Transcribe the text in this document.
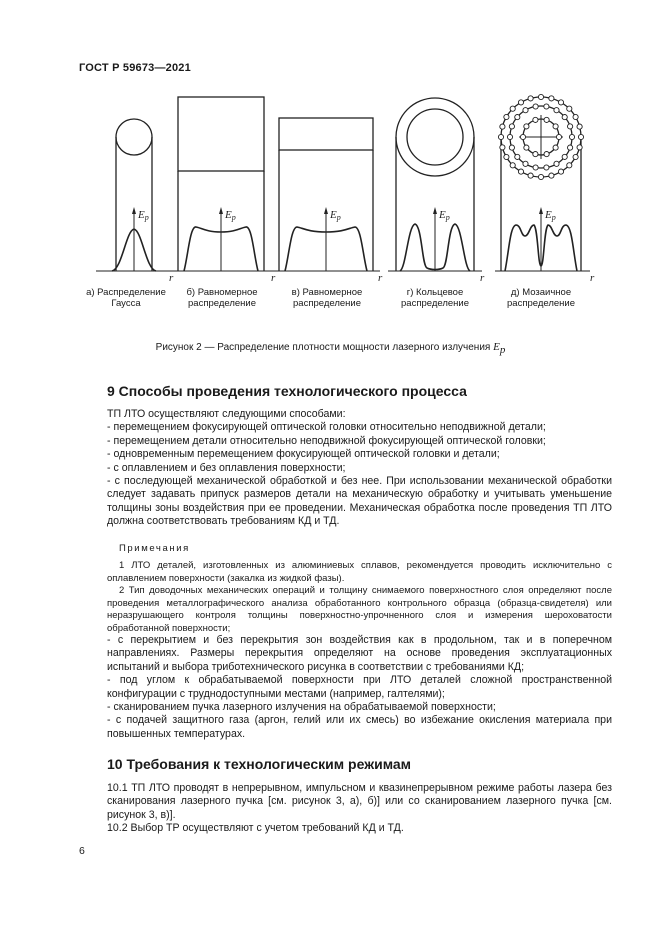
ГОСТ Р 59673—2021
Ep	Ep	Ep	Ep	Ep
r	r	r	r	r
а) Распределение
Гаусса
б) Равномерное
распределение
в) Равномерное
распределение
г) Кольцевое
распределение
д) Мозаичное
распределение
Рисунок 2 — Распределение плотности мощности лазерного излучения $E_p$
9 Способы проведения технологического процесса

ТП ЛТО осуществляют следующими способами:

- перемещением фокусирующей оптической головки относительно неподвижной детали;

- перемещением детали относительно неподвижной фокусирующей оптической головки;

- одновременным перемещением фокусирующей оптической головки и детали;

- с оплавлением и без оплавления поверхности;

- с последующей механической обработкой и без нее. При использовании механической обработки следует задавать припуск размеров детали на механическую обработку и учитывать уменьшение толщины зоны воздействия при ее проведении. Механическая обработка после проведения ТП ЛТО должна соответствовать требованиям КД и ТД.

Примечания

1 ЛТО деталей, изготовленных из алюминиевых сплавов, рекомендуется проводить исключительно с оплавлением поверхности (закалка из жидкой фазы).

2 Тип доводочных механических операций и толщину снимаемого поверхностного слоя определяют после проведения металлографического анализа обработанного контрольного образца (образца-свидетеля) или неразрушающего контроля толщины поверхностно-упрочненного слоя и измерения шероховатости обработанной поверхности;

- с перекрытием и без перекрытия зон воздействия как в продольном, так и в поперечном направлениях. Размеры перекрытия определяют на основе проведения эксплуатационных испытаний и выбора триботехнического рисунка в соответствии с требованиями КД;

- под углом к обрабатываемой поверхности при ЛТО деталей сложной пространственной конфигурации с труднодоступными местами (например, галтелями);

- сканированием пучка лазерного излучения на обрабатываемой поверхности;

- с подачей защитного газа (аргон, гелий или их смесь) во избежание окисления материала при повышенных температурах.

10 Требования к технологическим режимам

10.1 ТП ЛТО проводят в непрерывном, импульсном и квазинепрерывном режиме работы лазера без сканирования лазерного пучка [см. рисунок 3, а), б)] или со сканированием лазерного пучка [см. рисунок 3, в)].

10.2 Выбор ТР осуществляют с учетом требований КД и ТД.

6
